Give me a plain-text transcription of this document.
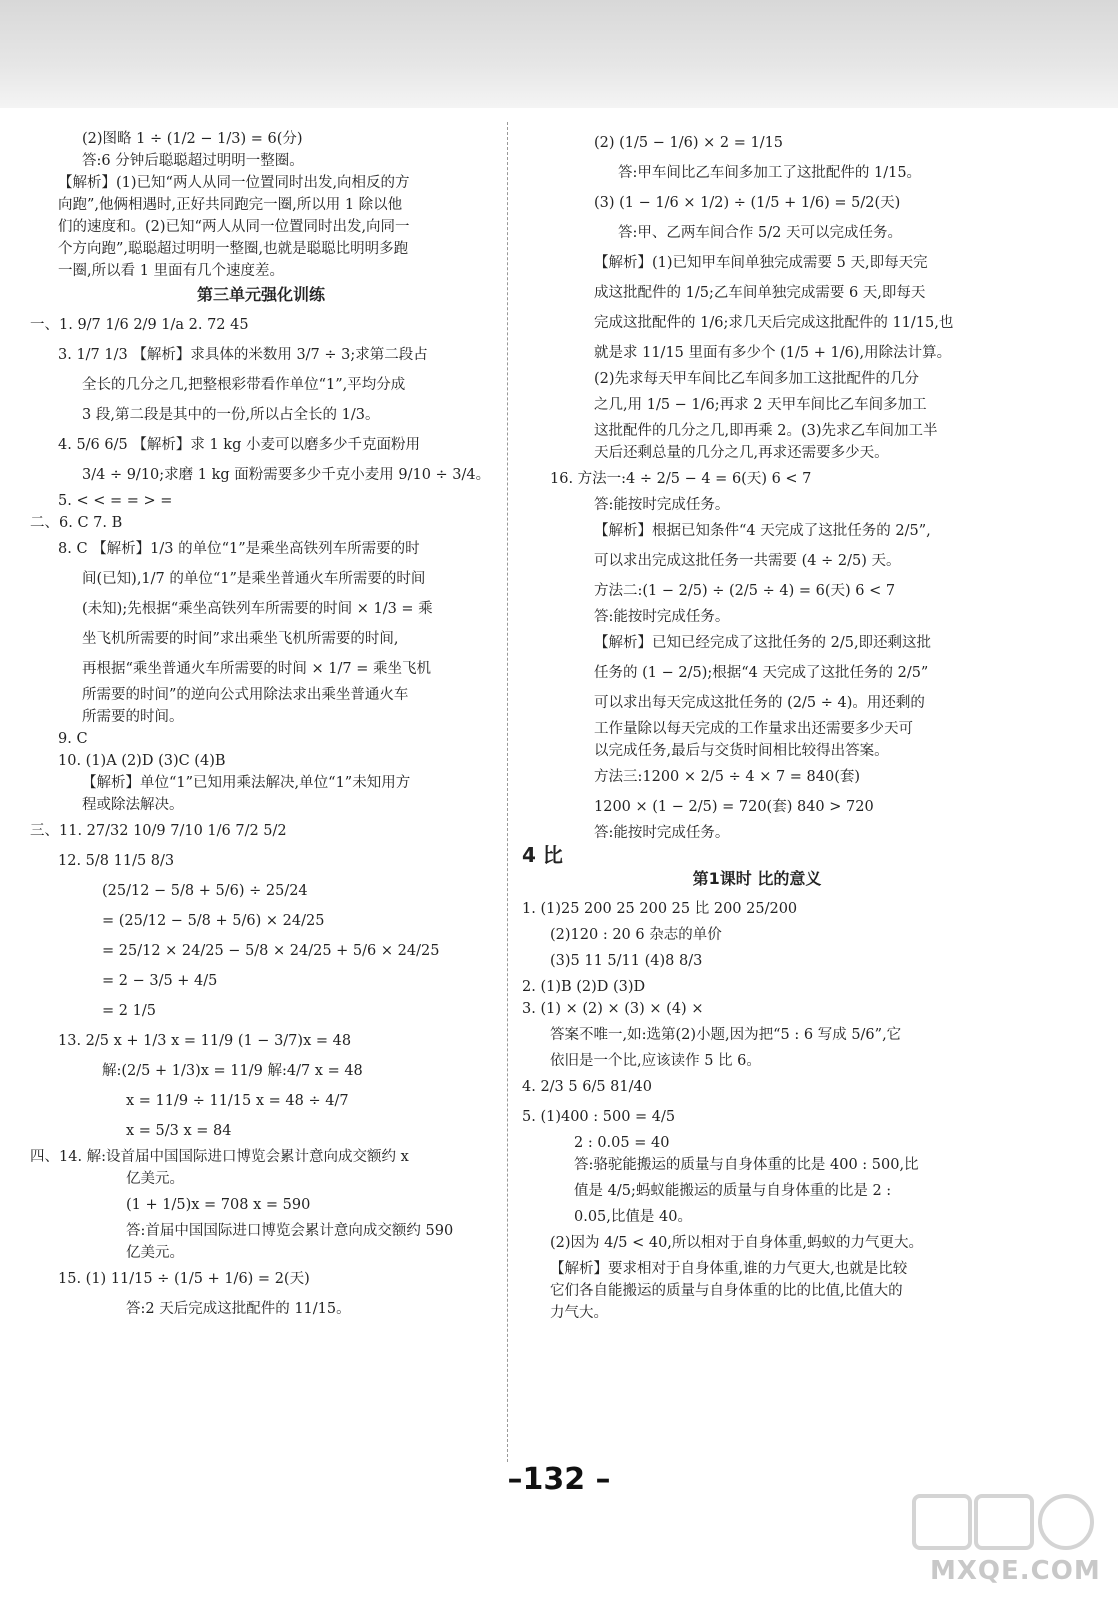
(2)图略 1 ÷ (1/2 − 1/3) = 6(分)
答:6 分钟后聪聪超过明明一整圈。
【解析】(1)已知“两人从同一位置同时出发,向相反的方
向跑”,他俩相遇时,正好共同跑完一圈,所以用 1 除以他
们的速度和。(2)已知“两人从同一位置同时出发,向同一
个方向跑”,聪聪超过明明一整圈,也就是聪聪比明明多跑
一圈,所以看 1 里面有几个速度差。
第三单元强化训练
一、1. 9/7 1/6 2/9 1/a 2. 72 45
3. 1/7 1/3 【解析】求具体的米数用 3/7 ÷ 3;求第二段占
全长的几分之几,把整根彩带看作单位“1”,平均分成
3 段,第二段是其中的一份,所以占全长的 1/3。
4. 5/6 6/5 【解析】求 1 kg 小麦可以磨多少千克面粉用
3/4 ÷ 9/10;求磨 1 kg 面粉需要多少千克小麦用 9/10 ÷ 3/4。
5. < < = = > =
二、6. C 7. B
8. C 【解析】1/3 的单位“1”是乘坐高铁列车所需要的时
间(已知),1/7 的单位“1”是乘坐普通火车所需要的时间
(未知);先根据“乘坐高铁列车所需要的时间 × 1/3 = 乘
坐飞机所需要的时间”求出乘坐飞机所需要的时间,
再根据“乘坐普通火车所需要的时间 × 1/7 = 乘坐飞机
所需要的时间”的逆向公式用除法求出乘坐普通火车
所需要的时间。
9. C
10. (1)A (2)D (3)C (4)B
【解析】单位“1”已知用乘法解决,单位“1”未知用方
程或除法解决。
三、11. 27/32 10/9 7/10 1/6 7/2 5/2
12. 5/8 11/5 8/3
(25/12 − 5/8 + 5/6) ÷ 25/24
= (25/12 − 5/8 + 5/6) × 24/25
= 25/12 × 24/25 − 5/8 × 24/25 + 5/6 × 24/25
= 2 − 3/5 + 4/5
= 2 1/5
13. 2/5 x + 1/3 x = 11/9 (1 − 3/7)x = 48
解:(2/5 + 1/3)x = 11/9 解:4/7 x = 48
x = 11/9 ÷ 11/15 x = 48 ÷ 4/7
x = 5/3 x = 84
四、14. 解:设首届中国国际进口博览会累计意向成交额约 x
亿美元。
(1 + 1/5)x = 708 x = 590
答:首届中国国际进口博览会累计意向成交额约 590
亿美元。
15. (1) 11/15 ÷ (1/5 + 1/6) = 2(天)
答:2 天后完成这批配件的 11/15。
(2) (1/5 − 1/6) × 2 = 1/15
答:甲车间比乙车间多加工了这批配件的 1/15。
(3) (1 − 1/6 × 1/2) ÷ (1/5 + 1/6) = 5/2(天)
答:甲、乙两车间合作 5/2 天可以完成任务。
【解析】(1)已知甲车间单独完成需要 5 天,即每天完
成这批配件的 1/5;乙车间单独完成需要 6 天,即每天
完成这批配件的 1/6;求几天后完成这批配件的 11/15,也
就是求 11/15 里面有多少个 (1/5 + 1/6),用除法计算。
(2)先求每天甲车间比乙车间多加工这批配件的几分
之几,用 1/5 − 1/6;再求 2 天甲车间比乙车间多加工
这批配件的几分之几,即再乘 2。(3)先求乙车间加工半
天后还剩总量的几分之几,再求还需要多少天。
16. 方法一:4 ÷ 2/5 − 4 = 6(天) 6 < 7
答:能按时完成任务。
【解析】根据已知条件“4 天完成了这批任务的 2/5”,
可以求出完成这批任务一共需要 (4 ÷ 2/5) 天。
方法二:(1 − 2/5) ÷ (2/5 ÷ 4) = 6(天) 6 < 7
答:能按时完成任务。
【解析】已知已经完成了这批任务的 2/5,即还剩这批
任务的 (1 − 2/5);根据“4 天完成了这批任务的 2/5”
可以求出每天完成这批任务的 (2/5 ÷ 4)。用还剩的
工作量除以每天完成的工作量求出还需要多少天可
以完成任务,最后与交货时间相比较得出答案。
方法三:1200 × 2/5 ÷ 4 × 7 = 840(套)
1200 × (1 − 2/5) = 720(套) 840 > 720
答:能按时完成任务。
4 比
第1课时 比的意义
1. (1)25 200 25 200 25 比 200 25/200
(2)120 : 20 6 杂志的单价
(3)5 11 5/11 (4)8 8/3
2. (1)B (2)D (3)D
3. (1) × (2) × (3) × (4) ×
答案不唯一,如:选第(2)小题,因为把“5 : 6 写成 5/6”,它
依旧是一个比,应该读作 5 比 6。
4. 2/3 5 6/5 81/40
5. (1)400 : 500 = 4/5
2 : 0.05 = 40
答:骆驼能搬运的质量与自身体重的比是 400 : 500,比
值是 4/5;蚂蚁能搬运的质量与自身体重的比是 2 :
0.05,比值是 40。
(2)因为 4/5 < 40,所以相对于自身体重,蚂蚁的力气更大。
【解析】要求相对于自身体重,谁的力气更大,也就是比较
它们各自能搬运的质量与自身体重的比的比值,比值大的
力气大。
–132 –
MXQE.COM
